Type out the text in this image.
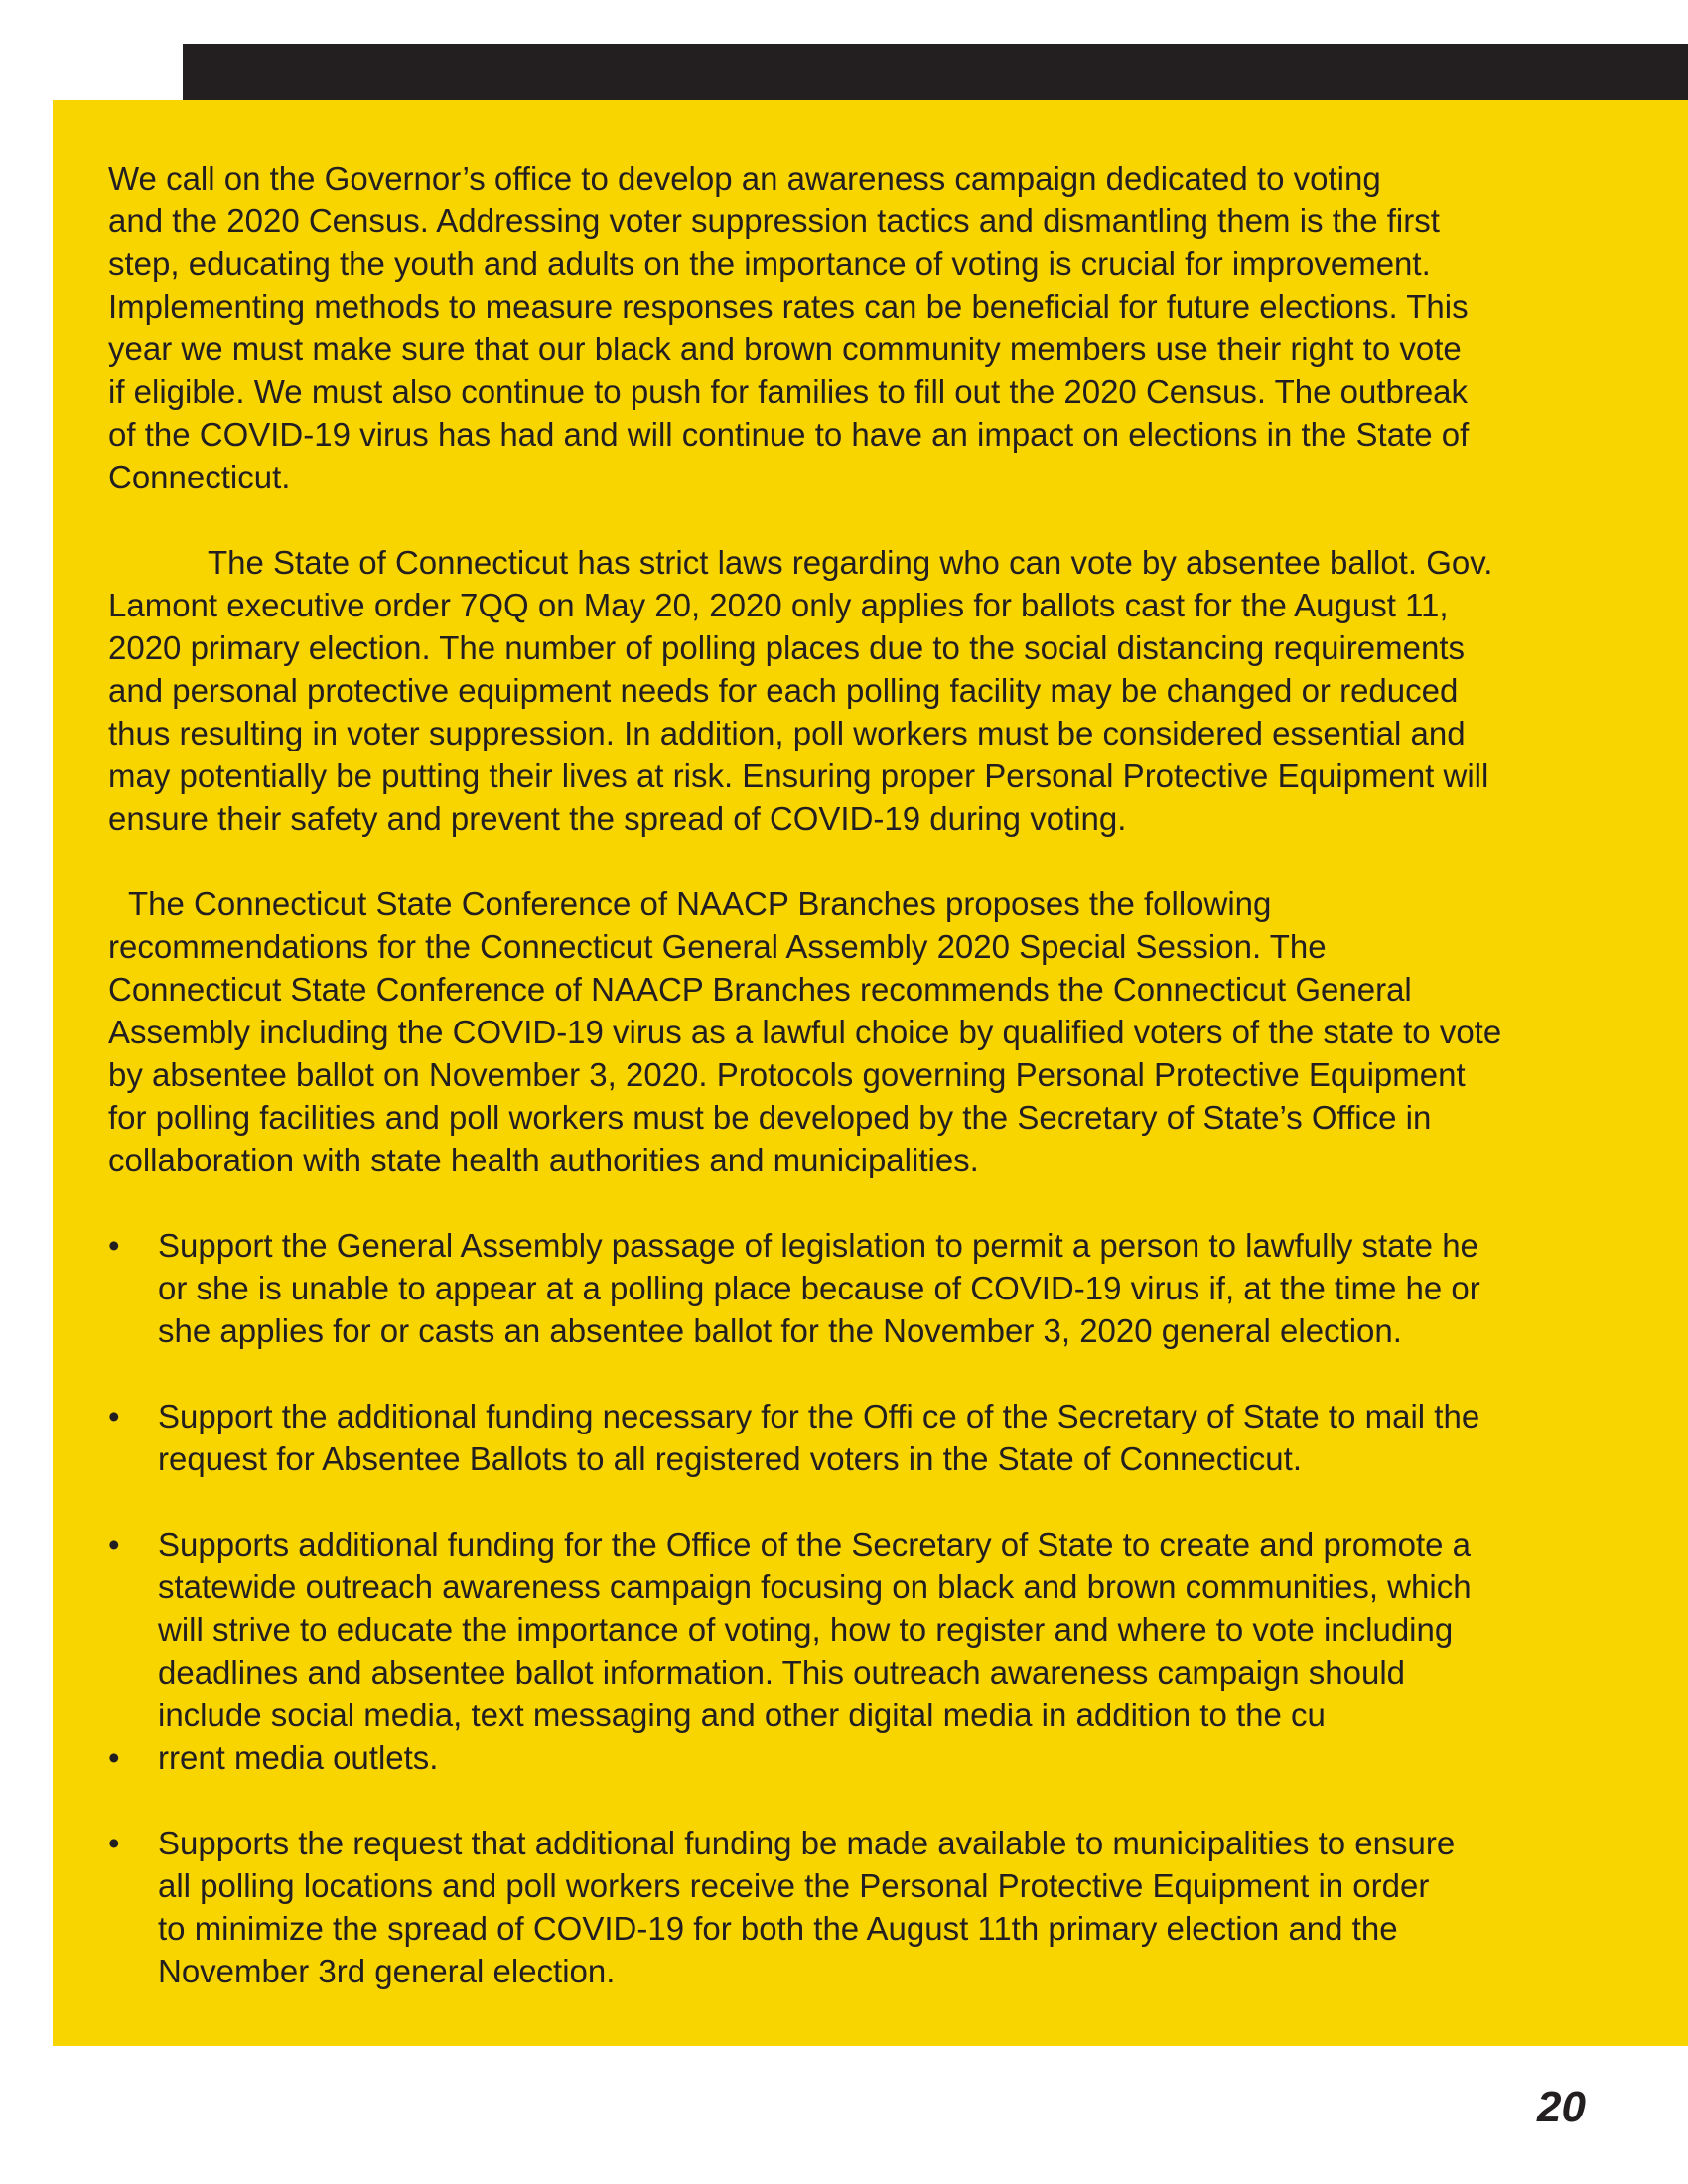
We call on the Governor’s office to develop an awareness campaign dedicated to voting
and the 2020 Census. Addressing voter suppression tactics and dismantling them is the first
step, educating the youth and adults on the importance of voting is crucial for improvement.
Implementing methods to measure responses rates can be beneficial for future elections. This
year we must make sure that our black and brown community members use their right to vote
if eligible. We must also continue to push for families to fill out the 2020 Census. The outbreak
of the COVID-19 virus has had and will continue to have an impact on elections in the State of
Connecticut.
The State of Connecticut has strict laws regarding who can vote by absentee ballot. Gov.
Lamont executive order 7QQ on May 20, 2020 only applies for ballots cast for the August 11,
2020 primary election. The number of polling places due to the social distancing requirements
and personal protective equipment needs for each polling facility may be changed or reduced
thus resulting in voter suppression. In addition, poll workers must be considered essential and
may potentially be putting their lives at risk. Ensuring proper Personal Protective Equipment will
ensure their safety and prevent the spread of COVID-19 during voting.
The Connecticut State Conference of NAACP Branches proposes the following
recommendations for the Connecticut General Assembly 2020 Special Session. The
Connecticut State Conference of NAACP Branches recommends the Connecticut General
Assembly including the COVID-19 virus as a lawful choice by qualified voters of the state to vote
by absentee ballot on November 3, 2020. Protocols governing Personal Protective Equipment
for polling facilities and poll workers must be developed by the Secretary of State’s Office in
collaboration with state health authorities and municipalities.
• Support the General Assembly passage of legislation to permit a person to lawfully state he
or she is unable to appear at a polling place because of COVID-19 virus if, at the time he or
she applies for or casts an absentee ballot for the November 3, 2020 general election.
• Support the additional funding necessary for the Offi ce of the Secretary of State to mail the
request for Absentee Ballots to all registered voters in the State of Connecticut.
• Supports additional funding for the Office of the Secretary of State to create and promote a
statewide outreach awareness campaign focusing on black and brown communities, which
will strive to educate the importance of voting, how to register and where to vote including
deadlines and absentee ballot information. This outreach awareness campaign should
include social media, text messaging and other digital media in addition to the cu
• rrent media outlets.
• Supports the request that additional funding be made available to municipalities to ensure
all polling locations and poll workers receive the Personal Protective Equipment in order
to minimize the spread of COVID-19 for both the August 11th primary election and the
November 3rd general election.
20
